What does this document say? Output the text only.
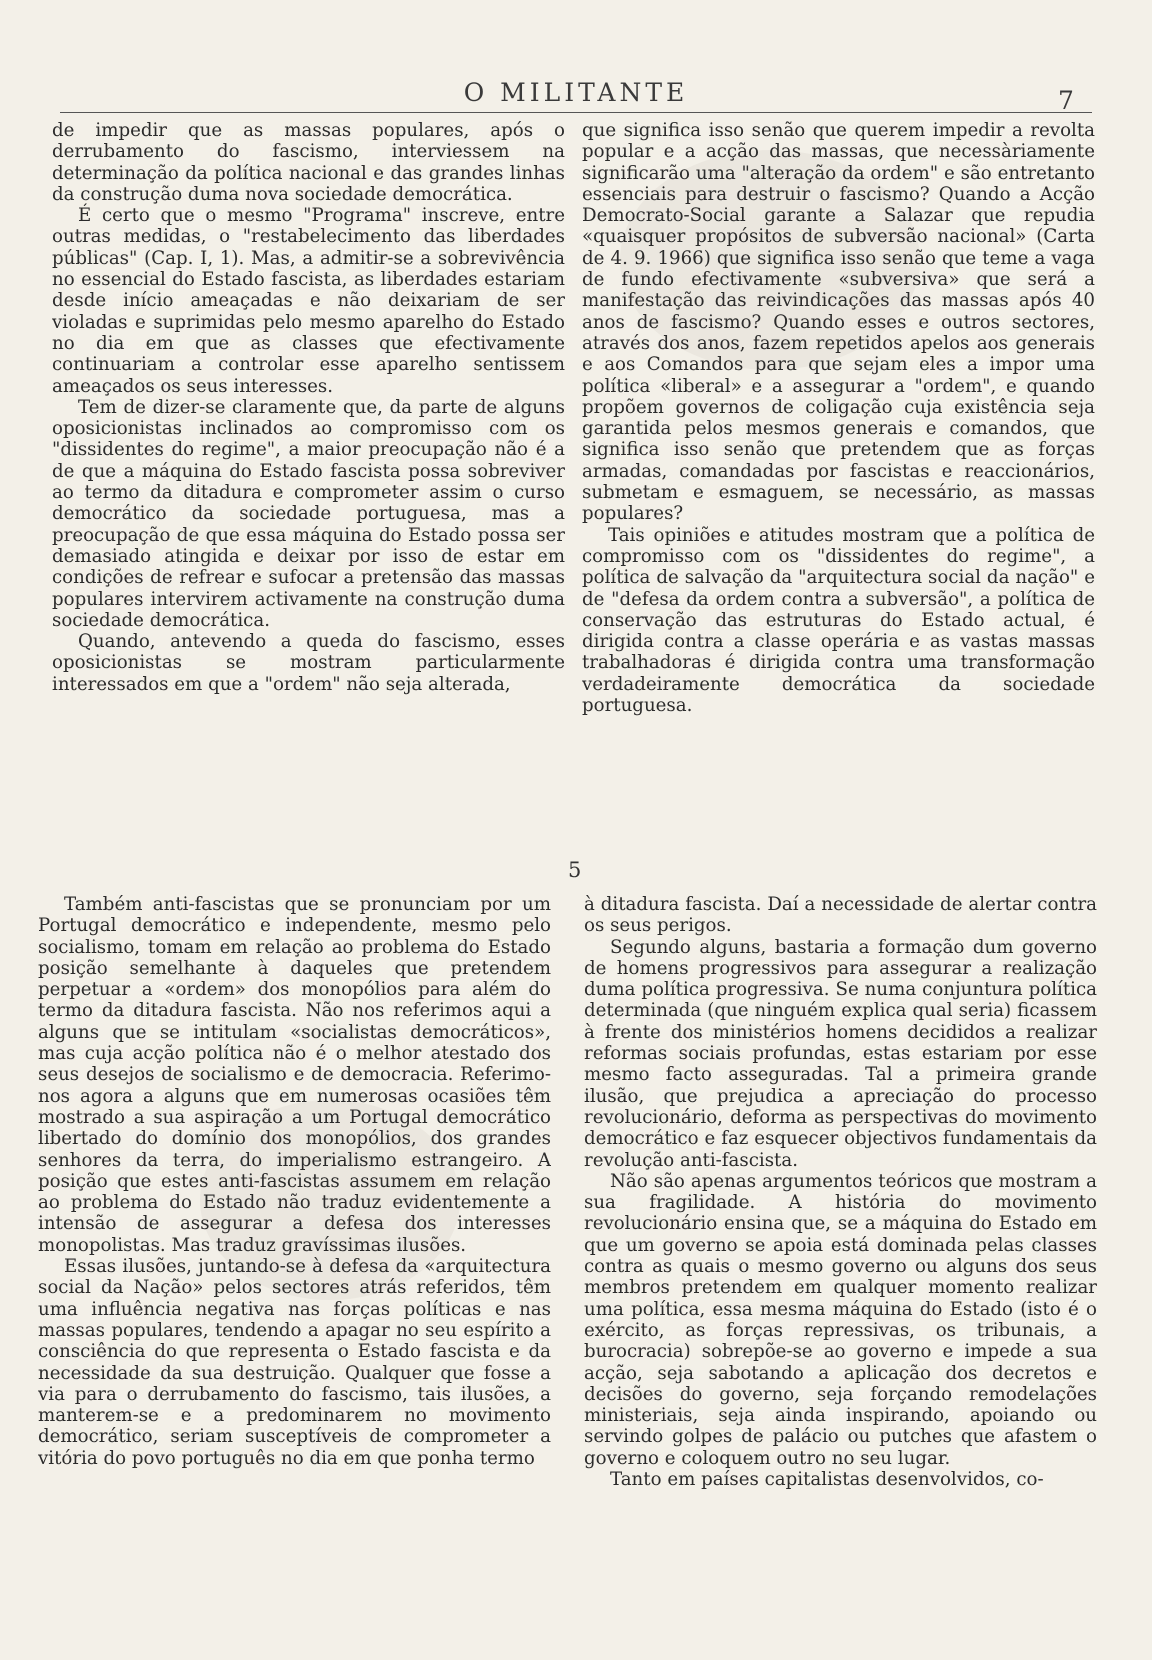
O MILITANTE	7

de impedir que as massas populares, após o derrubamento do fascismo, interviessem na determinação da política nacional e das grandes linhas da construção duma nova sociedade democrática.

É certo que o mesmo "Programa" inscreve, entre outras medidas, o "restabelecimento das liberdades públicas" (Cap. I, 1). Mas, a admitir-se a sobrevivência no essencial do Estado fascista, as liberdades estariam desde início ameaçadas e não deixariam de ser violadas e suprimidas pelo mesmo aparelho do Estado no dia em que as classes que efectivamente continuariam a controlar esse aparelho sentissem ameaçados os seus interesses.

Tem de dizer-se claramente que, da parte de alguns oposicionistas inclinados ao compromisso com os "dissidentes do regime", a maior preocupação não é a de que a máquina do Estado fascista possa sobreviver ao termo da ditadura e comprometer assim o curso democrático da sociedade portuguesa, mas a preocupação de que essa máquina do Estado possa ser demasiado atingida e deixar por isso de estar em condições de refrear e sufocar a pretensão das massas populares intervirem activamente na construção duma sociedade democrática.

Quando, antevendo a queda do fascismo, esses oposicionistas se mostram particularmente interessados em que a "ordem" não seja alterada,

que significa isso senão que querem impedir a revolta popular e a acção das massas, que necessàriamente significarão uma "alteração da ordem" e são entretanto essenciais para destruir o fascismo? Quando a Acção Democrato-Social garante a Salazar que repudia «quaisquer propósitos de subversão nacional» (Carta de 4. 9. 1966) que significa isso senão que teme a vaga de fundo efectivamente «subversiva» que será a manifestação das reivindicações das massas após 40 anos de fascismo? Quando esses e outros sectores, através dos anos, fazem repetidos apelos aos generais e aos Comandos para que sejam eles a impor uma política «liberal» e a assegurar a "ordem", e quando propõem governos de coligação cuja existência seja garantida pelos mesmos generais e comandos, que significa isso senão que pretendem que as forças armadas, comandadas por fascistas e reaccionários, submetam e esmaguem, se necessário, as massas populares?

Tais opiniões e atitudes mostram que a política de compromisso com os "dissidentes do regime", a política de salvação da "arquitectura social da nação" e de "defesa da ordem contra a subversão", a política de conservação das estruturas do Estado actual, é dirigida contra a classe operária e as vastas massas trabalhadoras é dirigida contra uma transformação verdadeiramente democrática da sociedade portuguesa.

5

Também anti-fascistas que se pronunciam por um Portugal democrático e independente, mesmo pelo socialismo, tomam em relação ao problema do Estado posição semelhante à daqueles que pretendem perpetuar a «ordem» dos monopólios para além do termo da ditadura fascista. Não nos referimos aqui a alguns que se intitulam «socialistas democráticos», mas cuja acção política não é o melhor atestado dos seus desejos de socialismo e de democracia. Referimo-nos agora a alguns que em numerosas ocasiões têm mostrado a sua aspiração a um Portugal democrático libertado do domínio dos monopólios, dos grandes senhores da terra, do imperialismo estrangeiro. A posição que estes anti-fascistas assumem em relação ao problema do Estado não traduz evidentemente a intensão de assegurar a defesa dos interesses monopolistas. Mas traduz gravíssimas ilusões.

Essas ilusões, juntando-se à defesa da «arquitectura social da Nação» pelos sectores atrás referidos, têm uma influência negativa nas forças políticas e nas massas populares, tendendo a apagar no seu espírito a consciência do que representa o Estado fascista e da necessidade da sua destruição. Qualquer que fosse a via para o derrubamento do fascismo, tais ilusões, a manterem-se e a predominarem no movimento democrático, seriam susceptíveis de comprometer a vitória do povo português no dia em que ponha termo

à ditadura fascista. Daí a necessidade de alertar contra os seus perigos.

Segundo alguns, bastaria a formação dum governo de homens progressivos para assegurar a realização duma política progressiva. Se numa conjuntura política determinada (que ninguém explica qual seria) ficassem à frente dos ministérios homens decididos a realizar reformas sociais profundas, estas estariam por esse mesmo facto asseguradas. Tal a primeira grande ilusão, que prejudica a apreciação do processo revolucionário, deforma as perspectivas do movimento democrático e faz esquecer objectivos fundamentais da revolução anti-fascista.

Não são apenas argumentos teóricos que mostram a sua fragilidade. A história do movimento revolucionário ensina que, se a máquina do Estado em que um governo se apoia está dominada pelas classes contra as quais o mesmo governo ou alguns dos seus membros pretendem em qualquer momento realizar uma política, essa mesma máquina do Estado (isto é o exército, as forças repressivas, os tribunais, a burocracia) sobrepõe-se ao governo e impede a sua acção, seja sabotando a aplicação dos decretos e decisões do governo, seja forçando remodelações ministeriais, seja ainda inspirando, apoiando ou servindo golpes de palácio ou putches que afastem o governo e coloquem outro no seu lugar.

Tanto em países capitalistas desenvolvidos, co-
